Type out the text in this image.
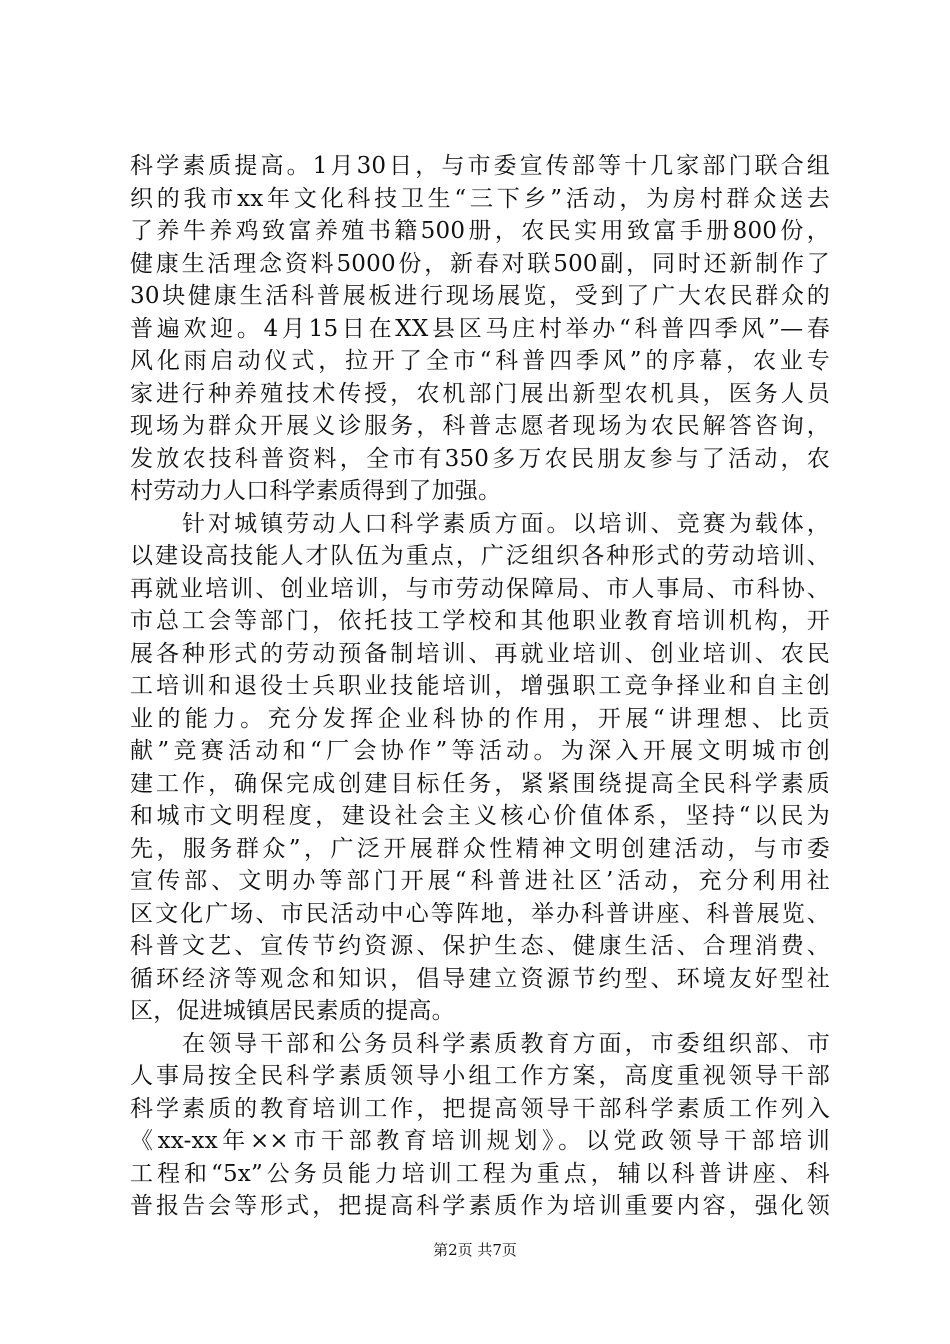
科学素质提高。1月30日，与市委宣传部等十几家部门联合组
织的我市xx年文化科技卫生“三下乡”活动，为房村群众送去
了养牛养鸡致富养殖书籍500册，农民实用致富手册800份，
健康生活理念资料5000份，新春对联500副，同时还新制作了
30块健康生活科普展板进行现场展览，受到了广大农民群众的
普遍欢迎。4月15日在XX县区马庄村举办“科普四季风”—春
风化雨启动仪式，拉开了全市“科普四季风”的序幕，农业专
家进行种养殖技术传授，农机部门展出新型农机具，医务人员
现场为群众开展义诊服务，科普志愿者现场为农民解答咨询，
发放农技科普资料，全市有350多万农民朋友参与了活动，农
村劳动力人口科学素质得到了加强。
　　针对城镇劳动人口科学素质方面。以培训、竞赛为载体，
以建设高技能人才队伍为重点，广泛组织各种形式的劳动培训、
再就业培训、创业培训，与市劳动保障局、市人事局、市科协、
市总工会等部门，依托技工学校和其他职业教育培训机构，开
展各种形式的劳动预备制培训、再就业培训、创业培训、农民
工培训和退役士兵职业技能培训，增强职工竞争择业和自主创
业的能力。充分发挥企业科协的作用，开展“讲理想、比贡
献”竞赛活动和“厂会协作”等活动。为深入开展文明城市创
建工作，确保完成创建目标任务，紧紧围绕提高全民科学素质
和城市文明程度，建设社会主义核心价值体系，坚持“以民为
先，服务群众”，广泛开展群众性精神文明创建活动，与市委
宣传部、文明办等部门开展“科普进社区’活动，充分利用社
区文化广场、市民活动中心等阵地，举办科普讲座、科普展览、
科普文艺、宣传节约资源、保护生态、健康生活、合理消费、
循环经济等观念和知识，倡导建立资源节约型、环境友好型社
区，促进城镇居民素质的提高。
　　在领导干部和公务员科学素质教育方面，市委组织部、市
人事局按全民科学素质领导小组工作方案，高度重视领导干部
科学素质的教育培训工作，把提高领导干部科学素质工作列入
《xx-xx年××市干部教育培训规划》。以党政领导干部培训
工程和“5x”公务员能力培训工程为重点，辅以科普讲座、科
普报告会等形式，把提高科学素质作为培训重要内容，强化领
第2页 共7页
